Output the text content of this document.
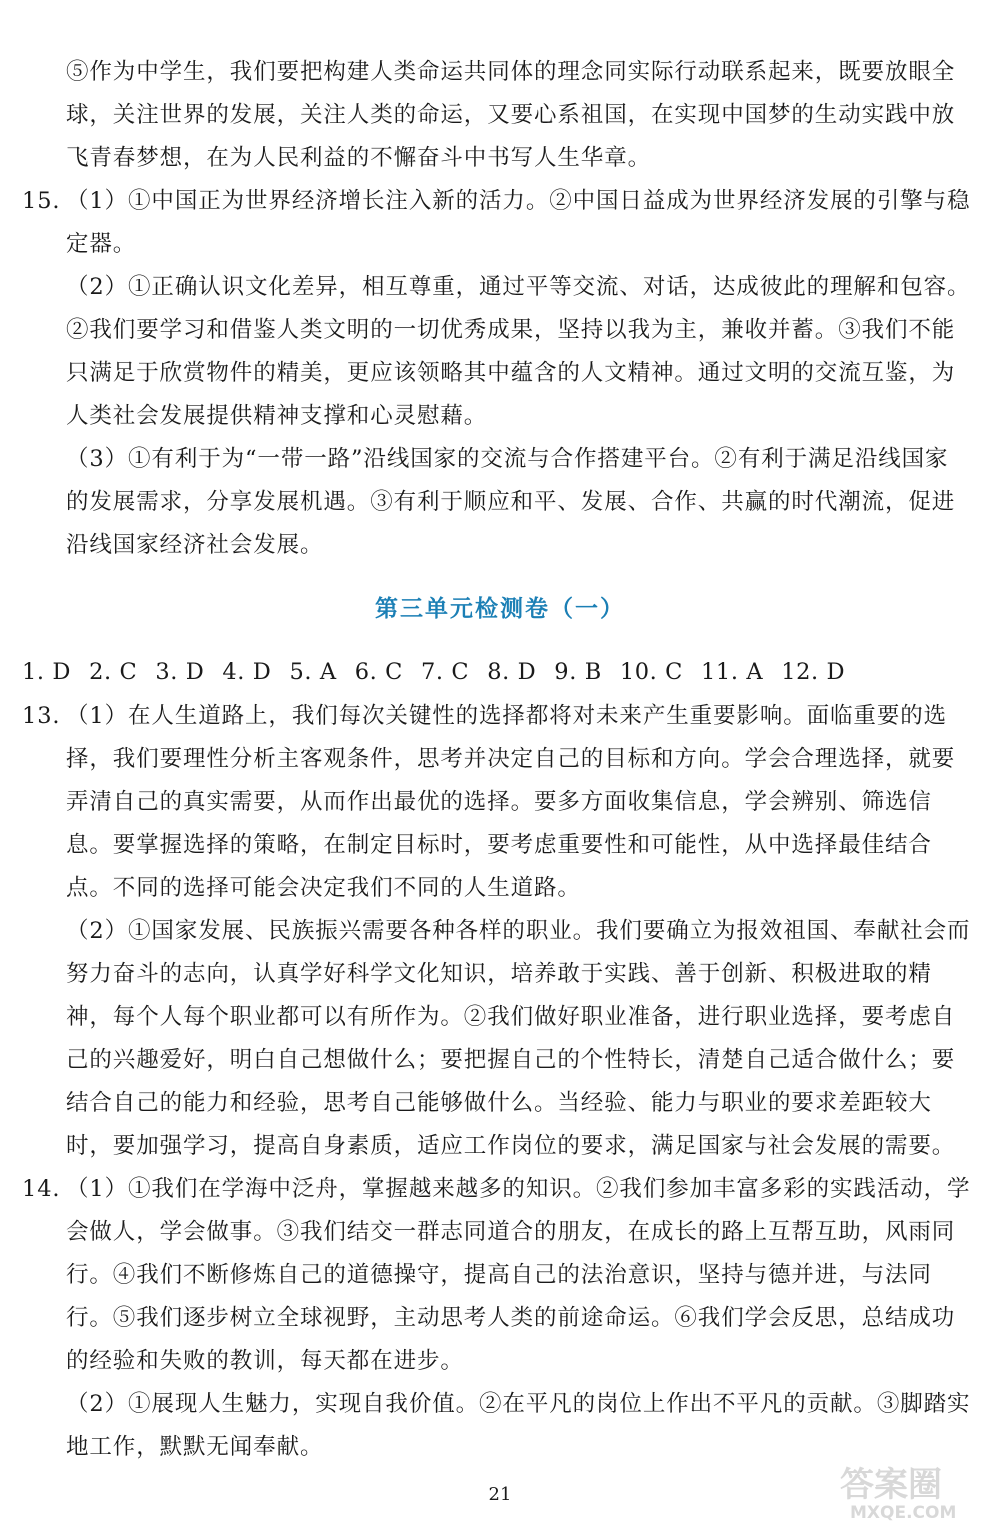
⑤作为中学生，我们要把构建人类命运共同体的理念同实际行动联系起来，既要放眼全
球，关注世界的发展，关注人类的命运，又要心系祖国，在实现中国梦的生动实践中放
飞青春梦想，在为人民利益的不懈奋斗中书写人生华章。
15. （1）①中国正为世界经济增长注入新的活力。②中国日益成为世界经济发展的引擎与稳
定器。
（2）①正确认识文化差异，相互尊重，通过平等交流、对话，达成彼此的理解和包容。
②我们要学习和借鉴人类文明的一切优秀成果，坚持以我为主，兼收并蓄。③我们不能
只满足于欣赏物件的精美，更应该领略其中蕴含的人文精神。通过文明的交流互鉴，为
人类社会发展提供精神支撑和心灵慰藉。
（3）①有利于为“一带一路”沿线国家的交流与合作搭建平台。②有利于满足沿线国家
的发展需求，分享发展机遇。③有利于顺应和平、发展、合作、共赢的时代潮流，促进
沿线国家经济社会发展。
第三单元检测卷（一）
1. D 2. C 3. D 4. D 5. A 6. C 7. C 8. D 9. B 10. C 11. A 12. D
13. （1）在人生道路上，我们每次关键性的选择都将对未来产生重要影响。面临重要的选
择，我们要理性分析主客观条件，思考并决定自己的目标和方向。学会合理选择，就要
弄清自己的真实需要，从而作出最优的选择。要多方面收集信息，学会辨别、筛选信
息。要掌握选择的策略，在制定目标时，要考虑重要性和可能性，从中选择最佳结合
点。不同的选择可能会决定我们不同的人生道路。
（2）①国家发展、民族振兴需要各种各样的职业。我们要确立为报效祖国、奉献社会而
努力奋斗的志向，认真学好科学文化知识，培养敢于实践、善于创新、积极进取的精
神，每个人每个职业都可以有所作为。②我们做好职业准备，进行职业选择，要考虑自
己的兴趣爱好，明白自己想做什么；要把握自己的个性特长，清楚自己适合做什么；要
结合自己的能力和经验，思考自己能够做什么。当经验、能力与职业的要求差距较大
时，要加强学习，提高自身素质，适应工作岗位的要求，满足国家与社会发展的需要。
14. （1）①我们在学海中泛舟，掌握越来越多的知识。②我们参加丰富多彩的实践活动，学
会做人，学会做事。③我们结交一群志同道合的朋友，在成长的路上互帮互助，风雨同
行。④我们不断修炼自己的道德操守，提高自己的法治意识，坚持与德并进，与法同
行。⑤我们逐步树立全球视野，主动思考人类的前途命运。⑥我们学会反思，总结成功
的经验和失败的教训，每天都在进步。
（2）①展现人生魅力，实现自我价值。②在平凡的岗位上作出不平凡的贡献。③脚踏实
地工作，默默无闻奉献。
21	答案圈
MXQE.COM
